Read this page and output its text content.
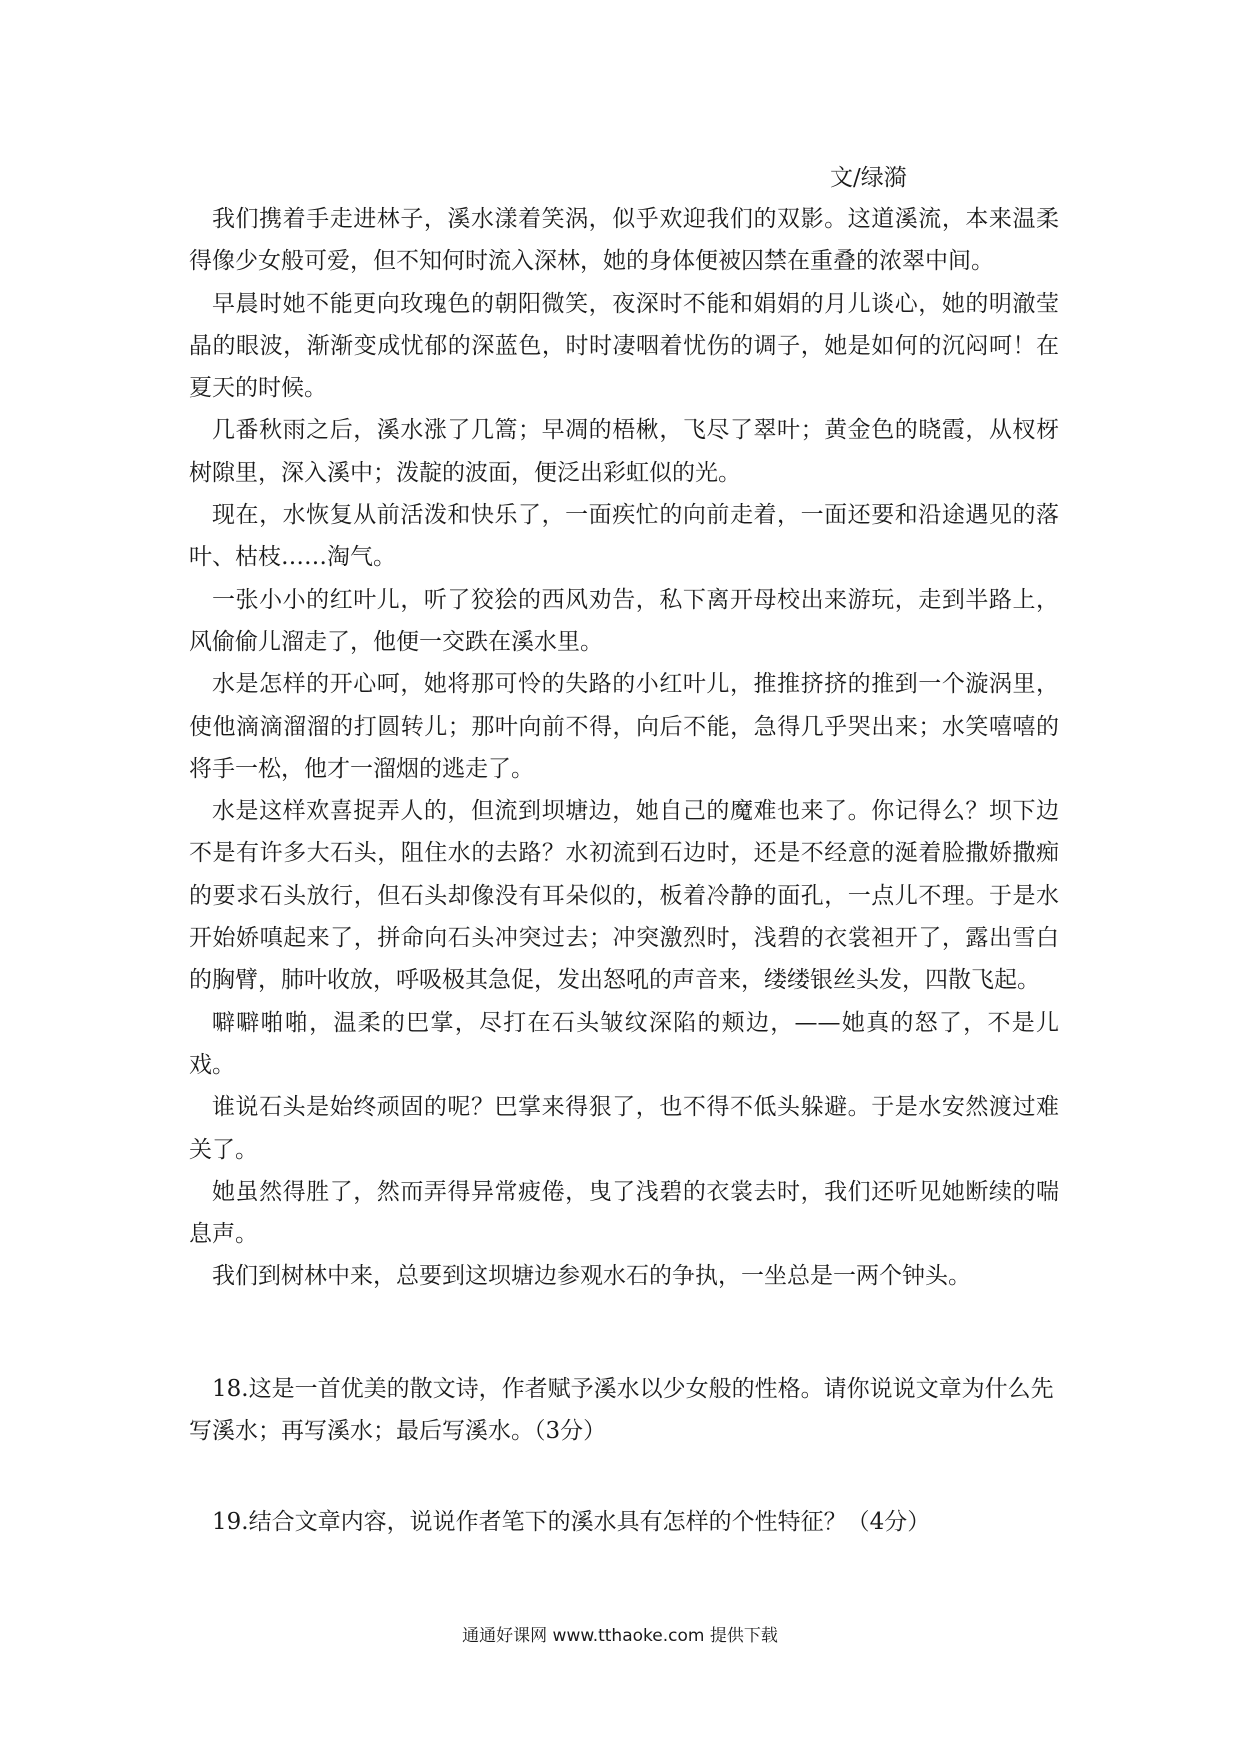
文/绿漪

我们携着手走进林子，溪水漾着笑涡，似乎欢迎我们的双影。这道溪流，本来温柔得像少女般可爱，但不知何时流入深林，她的身体便被囚禁在重叠的浓翠中间。

早晨时她不能更向玫瑰色的朝阳微笑，夜深时不能和娟娟的月儿谈心，她的明澈莹晶的眼波，渐渐变成忧郁的深蓝色，时时凄咽着忧伤的调子，她是如何的沉闷呵！在夏天的时候。

几番秋雨之后，溪水涨了几篙；早凋的梧楸，飞尽了翠叶；黄金色的晓霞，从杈枒树隙里，深入溪中；泼靛的波面，便泛出彩虹似的光。

现在，水恢复从前活泼和快乐了，一面疾忙的向前走着，一面还要和沿途遇见的落叶、枯枝……淘气。

一张小小的红叶儿，听了狡狯的西风劝告，私下离开母校出来游玩，走到半路上，风偷偷儿溜走了，他便一交跌在溪水里。

水是怎样的开心呵，她将那可怜的失路的小红叶儿，推推挤挤的推到一个漩涡里，使他滴滴溜溜的打圆转儿；那叶向前不得，向后不能，急得几乎哭出来；水笑嘻嘻的将手一松，他才一溜烟的逃走了。

水是这样欢喜捉弄人的，但流到坝塘边，她自己的魔难也来了。你记得么？坝下边不是有许多大石头，阻住水的去路？水初流到石边时，还是不经意的涎着脸撒娇撒痴的要求石头放行，但石头却像没有耳朵似的，板着冷静的面孔，一点儿不理。于是水开始娇嗔起来了，拼命向石头冲突过去；冲突激烈时，浅碧的衣裳袒开了，露出雪白的胸臂，肺叶收放，呼吸极其急促，发出怒吼的声音来，缕缕银丝头发，四散飞起。

噼噼啪啪，温柔的巴掌，尽打在石头皱纹深陷的颊边，——她真的怒了，不是儿戏。

谁说石头是始终顽固的呢？巴掌来得狠了，也不得不低头躲避。于是水安然渡过难关了。

她虽然得胜了，然而弄得异常疲倦，曳了浅碧的衣裳去时，我们还听见她断续的喘息声。

我们到树林中来，总要到这坝塘边参观水石的争执，一坐总是一两个钟头。

18.这是一首优美的散文诗，作者赋予溪水以少女般的性格。请你说说文章为什么先写溪水；再写溪水；最后写溪水。（3分）

19.结合文章内容，说说作者笔下的溪水具有怎样的个性特征？（4分）

通通好课网 www.tthaoke.com 提供下载
